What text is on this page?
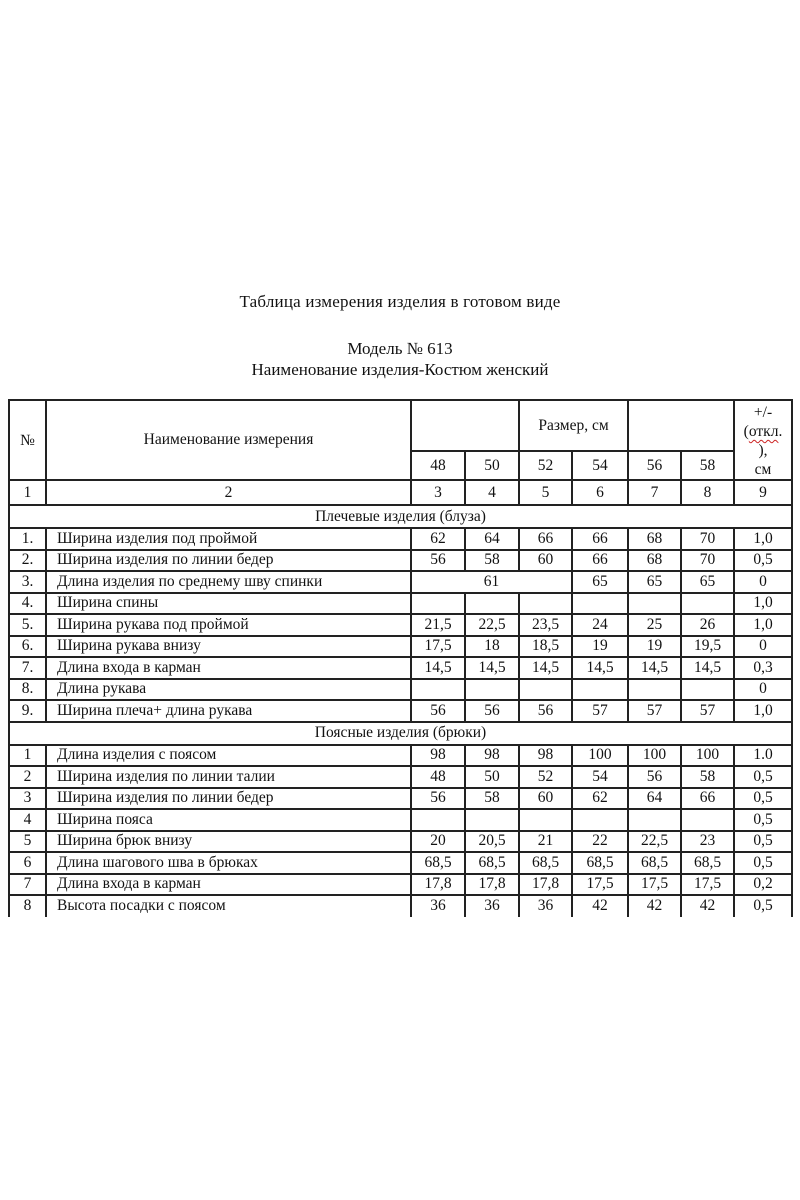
Таблица измерения изделия в готовом виде
Модель № 613
Наименование изделия-Костюм женский
№	Наименование измерения			Размер, см				+/-
(откл.
),
см
		48	50	52	54	56	58	
1	2	3	4	5	6	7	8	9
Плечевые изделия (блуза)								
1.	Ширина изделия под проймой	62	64	66	66	68	70	1,0
2.	Ширина изделия по линии бедер	56	58	60	66	68	70	0,5
3.	Длина изделия по среднему шву спинки	61			65	65	65	0
4.	Ширина спины							1,0
5.	Ширина рукава под проймой	21,5	22,5	23,5	24	25	26	1,0
6.	Ширина рукава внизу	17,5	18	18,5	19	19	19,5	0
7.	Длина входа в карман	14,5	14,5	14,5	14,5	14,5	14,5	0,3
8.	Длина рукава							0
9.	Ширина плеча+ длина рукава	56	56	56	57	57	57	1,0
Поясные изделия (брюки)								
1	Длина изделия с поясом	98	98	98	100	100	100	1.0
2	Ширина изделия по линии талии	48	50	52	54	56	58	0,5
3	Ширина изделия по линии бедер	56	58	60	62	64	66	0,5
4	Ширина пояса							0,5
5	Ширина брюк внизу	20	20,5	21	22	22,5	23	0,5
6	Длина шагового шва в брюках	68,5	68,5	68,5	68,5	68,5	68,5	0,5
7	Длина входа в карман	17,8	17,8	17,8	17,5	17,5	17,5	0,2
8	Высота посадки с поясом	36	36	36	42	42	42	0,5
